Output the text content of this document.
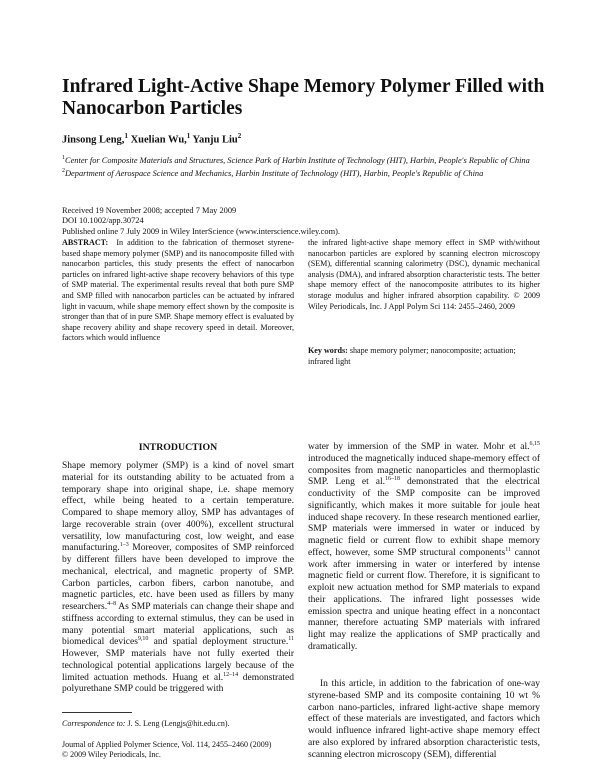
Infrared Light-Active Shape Memory Polymer Filled with Nanocarbon Particles
Jinsong Leng,$^1$ Xuelian Wu,$^1$ Yanju Liu$^2$

$^1$Center for Composite Materials and Structures, Science Park of Harbin Institute of Technology (HIT), Harbin, People's Republic of China

$^2$Department of Aerospace Science and Mechanics, Harbin Institute of Technology (HIT), Harbin, People's Republic of China

Received 19 November 2008; accepted 7 May 2009

DOI 10.1002/app.30724

Published online 7 July 2009 in Wiley InterScience (www.interscience.wiley.com).

ABSTRACT: In addition to the fabrication of thermoset styrene-based shape memory polymer (SMP) and its nanocomposite filled with nanocarbon particles, this study presents the effect of nanocarbon particles on infrared light-active shape recovery behaviors of this type of SMP material. The experimental results reveal that both pure SMP and SMP filled with nanocarbon particles can be actuated by infrared light in vacuum, while shape memory effect shown by the composite is stronger than that of in pure SMP. Shape memory effect is evaluated by shape recovery ability and shape recovery speed in detail. Moreover, factors which would influence

the infrared light-active shape memory effect in SMP with/without nanocarbon particles are explored by scanning electron microscopy (SEM), differential scanning calorimetry (DSC), dynamic mechanical analysis (DMA), and infrared absorption characteristic tests. The better shape memory effect of the nanocomposite attributes to its higher storage modulus and higher infrared absorption capability. © 2009 Wiley Periodicals, Inc. J Appl Polym Sci 114: 2455–2460, 2009

Key words: shape memory polymer; nanocomposite; actuation; infrared light

INTRODUCTION

Shape memory polymer (SMP) is a kind of novel smart material for its outstanding ability to be actuated from a temporary shape into original shape, i.e. shape memory effect, while being heated to a certain temperature. Compared to shape memory alloy, SMP has advantages of large recoverable strain (over 400%), excellent structural versatility, low manufacturing cost, low weight, and ease manufacturing.$^{1-3}$ Moreover, composites of SMP reinforced by different fillers have been developed to improve the mechanical, electrical, and magnetic property of SMP. Carbon particles, carbon fibers, carbon nanotube, and magnetic particles, etc. have been used as fillers by many researchers.$^{4-8}$ As SMP materials can change their shape and stiffness according to external stimulus, they can be used in many potential smart material applications, such as biomedical devices$^{9,10}$ and spatial deployment structure.$^{11}$ However, SMP materials have not fully exerted their technological potential applications largely because of the limited actuation methods. Huang et al.$^{12-14}$ demonstrated polyurethane SMP could be triggered with

water by immersion of the SMP in water. Mohr et al.$^{6,15}$ introduced the magnetically induced shape-memory effect of composites from magnetic nanoparticles and thermoplastic SMP. Leng et al.$^{16-18}$ demonstrated that the electrical conductivity of the SMP composite can be improved significantly, which makes it more suitable for joule heat induced shape recovery. In these research mentioned earlier, SMP materials were immersed in water or induced by magnetic field or current flow to exhibit shape memory effect, however, some SMP structural components$^{11}$ cannot work after immersing in water or interfered by intense magnetic field or current flow. Therefore, it is significant to exploit new actuation method for SMP materials to expand their applications. The infrared light possesses wide emission spectra and unique heating effect in a noncontact manner, therefore actuating SMP materials with infrared light may realize the applications of SMP practically and dramatically.

In this article, in addition to the fabrication of one-way styrene-based SMP and its composite containing 10 wt % carbon nano-particles, infrared light-active shape memory effect of these materials are investigated, and factors which would influence infrared light-active shape memory effect are also explored by infrared absorption characteristic tests, scanning electron microscopy (SEM), differential

Correspondence to: J. S. Leng (Lengjs@hit.edu.cn).

Journal of Applied Polymer Science, Vol. 114, 2455–2460 (2009)

© 2009 Wiley Periodicals, Inc.
